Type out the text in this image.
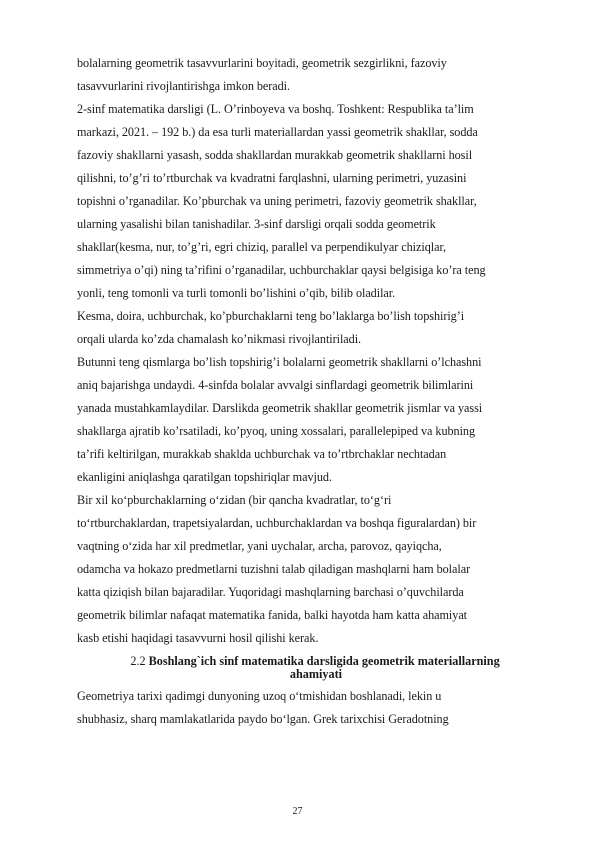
bolalarning geometrik tasavvurlarini boyitadi, geometrik sezgirlikni, fazoviy
tasavvurlarini rivojlantirishga imkon beradi.
2-sinf matematika darsligi (L. O’rinboyeva va boshq. Toshkent: Respublika ta’lim
markazi, 2021. – 192 b.) da esa turli materiallardan yassi geometrik shakllar, sodda
fazoviy shakllarni yasash, sodda shakllardan murakkab geometrik shakllarni hosil
qilishni, to’g’ri to’rtburchak va kvadratni farqlashni, ularning perimetri, yuzasini
topishni o’rganadilar. Ko’pburchak va uning perimetri, fazoviy geometrik shakllar,
ularning yasalishi bilan tanishadilar. 3-sinf darsligi orqali sodda geometrik
shakllar(kesma, nur, to’g’ri, egri chiziq, parallel va perpendikulyar chiziqlar,
simmetriya o’qi) ning ta’rifini o’rganadilar, uchburchaklar qaysi belgisiga ko’ra teng
yonli, teng tomonli va turli tomonli bo’lishini o’qib, bilib oladilar.
Kesma, doira, uchburchak, ko’pburchaklarni teng bo’laklarga bo’lish topshirig’i
orqali ularda ko’zda chamalash ko’nikmasi rivojlantiriladi.
Butunni teng qismlarga bo’lish topshirig’i bolalarni geometrik shakllarni o’lchashni
aniq bajarishga undaydi. 4-sinfda bolalar avvalgi sinflardagi geometrik bilimlarini
yanada mustahkamlaydilar. Darslikda geometrik shakllar geometrik jismlar va yassi
shakllarga ajratib ko’rsatiladi, ko’pyoq, uning xossalari, parallelepiped va kubning
ta’rifi keltirilgan, murakkab shaklda uchburchak va to’rtbrchaklar nechtadan
ekanligini aniqlashga qaratilgan topshiriqlar mavjud.
Bir xil ko‘pburchaklarning o‘zidan (bir qancha kvadratlar, to‘g‘ri
to‘rtburchaklardan, trapetsiyalardan, uchburchaklardan va boshqa figuralardan) bir
vaqtning o‘zida har xil predmetlar, yani uychalar, archa, parovoz, qayiqcha,
odamcha va hokazo predmetlarni tuzishni talab qiladigan mashqlarni ham bolalar
katta qiziqish bilan bajaradilar. Yuqoridagi mashqlarning barchasi o’quvchilarda
geometrik bilimlar nafaqat matematika fanida, balki hayotda ham katta ahamiyat
kasb etishi haqidagi tasavvurni hosil qilishi kerak.
2.2 Boshlang`ich sinf matematika darsligida geometrik materiallarning
ahamiyati
Geometriya tarixi qadimgi dunyoning uzoq o‘tmishidan boshlanadi, lekin u
shubhasiz, sharq mamlakatlarida paydo bo‘lgan. Grek tarixchisi Geradotning
27
